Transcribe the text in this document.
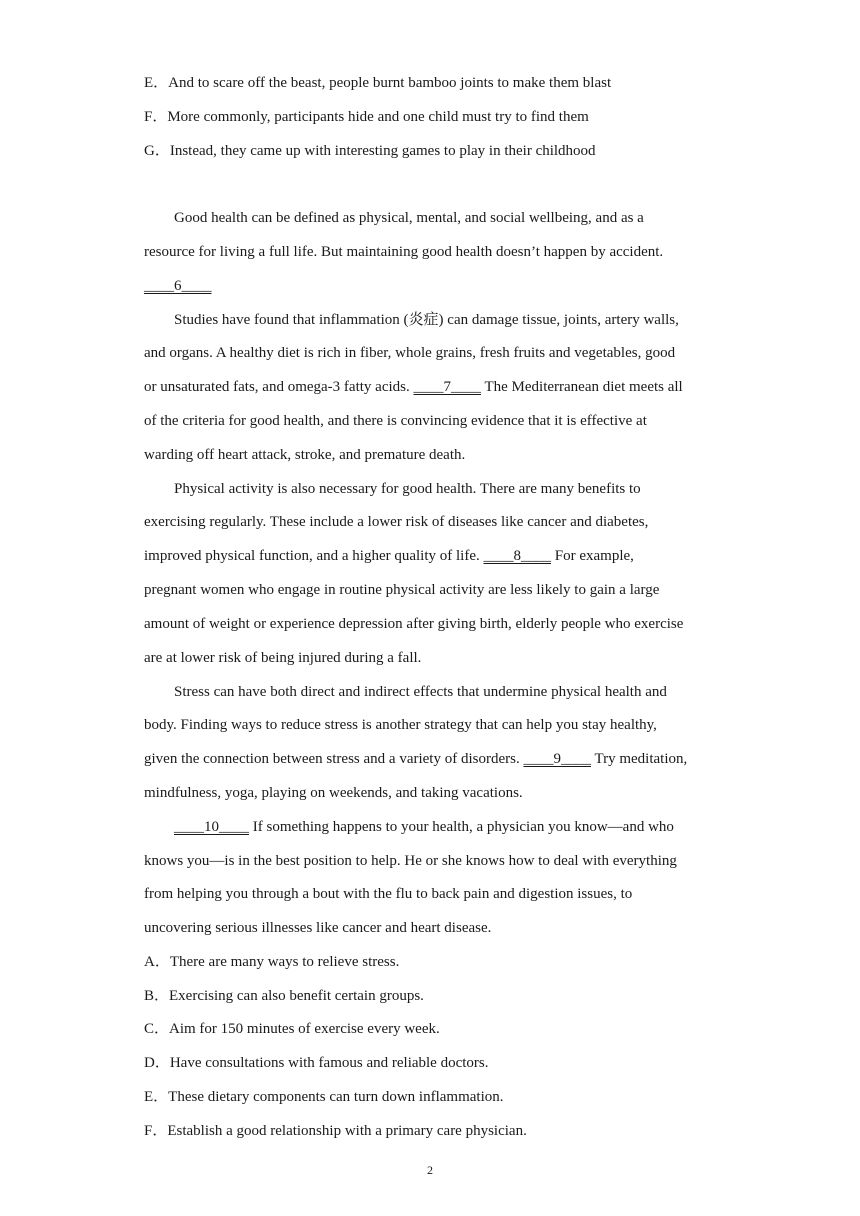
E．And to scare off the beast, people burnt bamboo joints to make them blast
F．More commonly, participants hide and one child must try to find them
G．Instead, they came up with interesting games to play in their childhood
Good health can be defined as physical, mental, and social wellbeing, and as a
resource for living a full life. But maintaining good health doesn’t happen by accident.
____6____
Studies have found that inflammation (炎症) can damage tissue, joints, artery walls,
and organs. A healthy diet is rich in fiber, whole grains, fresh fruits and vegetables, good
or unsaturated fats, and omega-3 fatty acids. ____7____ The Mediterranean diet meets all
of the criteria for good health, and there is convincing evidence that it is effective at
warding off heart attack, stroke, and premature death.
Physical activity is also necessary for good health. There are many benefits to
exercising regularly. These include a lower risk of diseases like cancer and diabetes,
improved physical function, and a higher quality of life. ____8____ For example,
pregnant women who engage in routine physical activity are less likely to gain a large
amount of weight or experience depression after giving birth, elderly people who exercise
are at lower risk of being injured during a fall.
Stress can have both direct and indirect effects that undermine physical health and
body. Finding ways to reduce stress is another strategy that can help you stay healthy,
given the connection between stress and a variety of disorders. ____9____ Try meditation,
mindfulness, yoga, playing on weekends, and taking vacations.
____10____ If something happens to your health, a physician you know—and who
knows you—is in the best position to help. He or she knows how to deal with everything
from helping you through a bout with the flu to back pain and digestion issues, to
uncovering serious illnesses like cancer and heart disease.
A．There are many ways to relieve stress.
B．Exercising can also benefit certain groups.
C．Aim for 150 minutes of exercise every week.
D．Have consultations with famous and reliable doctors.
E．These dietary components can turn down inflammation.
F．Establish a good relationship with a primary care physician.
2
